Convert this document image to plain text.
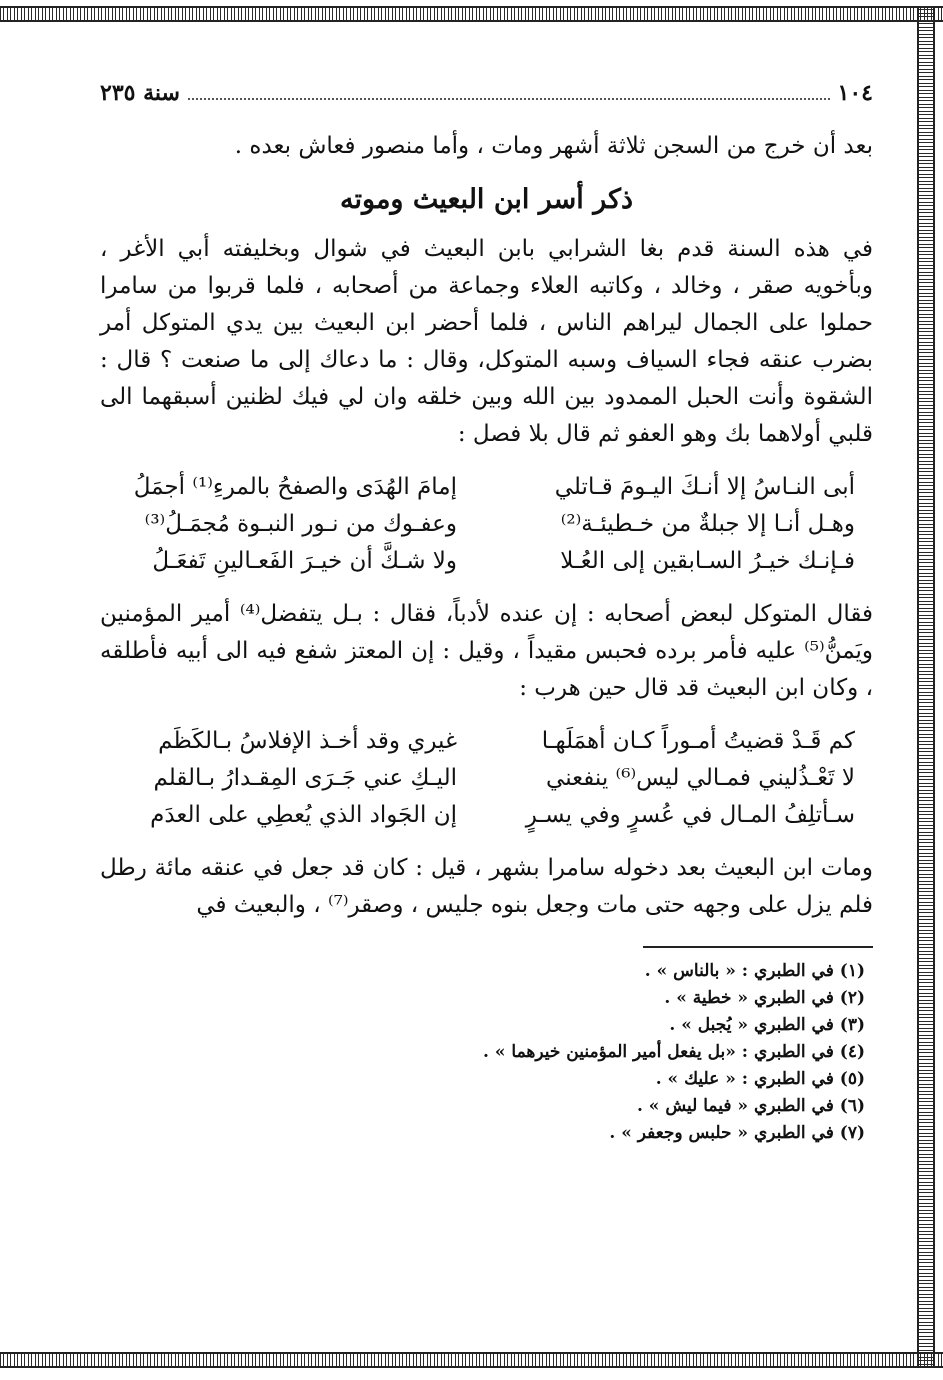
١٠٤
سنة ٢٣٥

بعد أن خرج من السجن ثلاثة أشهر ومات ، وأما منصور فعاش بعده .

ذكر أسر ابن البعيث وموته

في هذه السنة قدم بغا الشرابي بابن البعيث في شوال وبخليفته أبي الأغر ، وبأخويه صقر ، وخالد ، وكاتبه العلاء وجماعة من أصحابه ، فلما قربوا من سامرا حملوا على الجمال ليراهم الناس ، فلما أحضر ابن البعيث بين يدي المتوكل أمر بضرب عنقه فجاء السياف وسبه المتوكل، وقال : ما دعاك إلى ما صنعت ؟ قال : الشقوة وأنت الحبل الممدود بين الله وبين خلقه وان لي فيك لظنين أسبقهما الى قلبي أولاهما بك وهو العفو ثم قال بلا فصل :

أبى النـاسُ إلا أنـكَ اليـومَ قـاتلي
إمامَ الهُدَى والصفحُ بالمرءِ⁽¹⁾ أجمَلُ
وهـل أنـا إلا جبلةٌ من خـطيئـة⁽²⁾
وعفـوك من نـور النبـوة مُجمَـلُ⁽³⁾
فـإنـك خيـرُ السـابقين إلى العُـلا
ولا شـكَّ أن خيـرَ الفَعـالينِ تَفعَـلُ

فقال المتوكل لبعض أصحابه : إن عنده لأدباً، فقال : بـل يتفضل⁽⁴⁾ أمير المؤمنين ويَمنُّ⁽⁵⁾ عليه فأمر برده فحبس مقيداً ، وقيل : إن المعتز شفع فيه الى أبيه فأطلقه ، وكان ابن البعيث قد قال حين هرب :

كم قَـدْ قضيتُ أمـوراً كـان أهمَلَهـا
غيري وقد أخـذ الإفلاسُ بـالكَظَم
لا تَعْـذُليني فمـالي ليس⁽⁶⁾ ينفعني
اليـكِ عني جَـرَى المِقـدارُ بـالقلم
سـأتلِفُ المـال في عُسرٍ وفي يسـرٍ
إن الجَواد الذي يُعطِي على العدَم

ومات ابن البعيث بعد دخوله سامرا بشهر ، قيل : كان قد جعل في عنقه مائة رطل فلم يزل على وجهه حتى مات وجعل بنوه جليس ، وصقر⁽⁷⁾ ، والبعيث في

(١) في الطبري : « بالناس » .
(٢) في الطبري « خطية » .
(٣) في الطبري « يُجبل » .
(٤) في الطبري : «بل يفعل أمير المؤمنين خيرهما » .
(٥) في الطبري : « عليك » .
(٦) في الطبري « فيما ليش » .
(٧) في الطبري « حلبس وجعفر » .
